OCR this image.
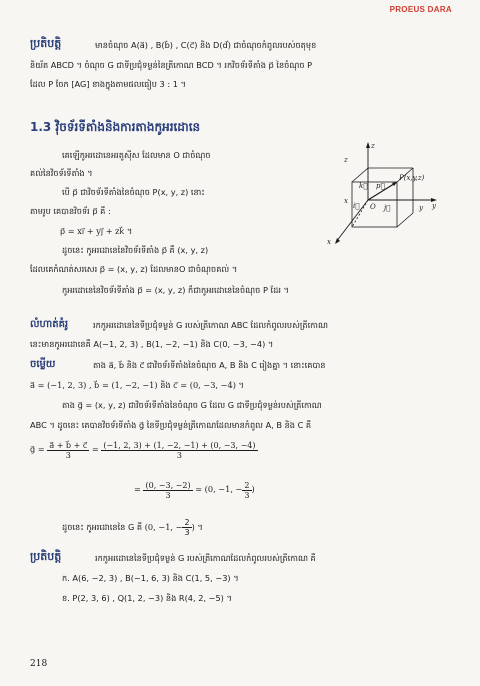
PROEUS DARA
ប្រតិបត្តិ	មានចំណុច A(a⃗) , B(b⃗) , C(c⃗) និង D(d⃗) ជាចំណុចកំពូលរបស់ចតុមុខ
និយ័ត ABCD ។ ចំណុច G ជាទីប្រជុំទម្ងន់នៃត្រីកោណ BCD ។ រកវិចទ័រទីតាំង p⃗ នៃចំណុច P
ដែល P ចែក [AG] ខាងក្នុងតាមផលធៀប 3 : 1 ។
1.3 វ៉ិចទ័រទីតាំងនិងការតាងកូអរដោនេ
គេឡើកូអរដោនេអរតូសុីស ដែលមាន O ជាចំណុច
គល់នៃវិចទ័រទីតាំង ។
បើ p⃗ ជាវិចទ័រទីតាំងនៃចំណុច P(x, y, z) នោះ
តាមរូប គេបានវិចទ័រ p⃗ គឺ :
p⃗ = xi⃗ + yj⃗ + zk⃗ ។
ដូចនេះ កូអរដោនេនៃវិចទ័រទីតាំង p⃗ គឺ (x, y, z)
ដែលគេកំណត់សរសេរ p⃗ = (x, y, z) ដែលមានO ជាចំណុចគល់ ។
កូអរដោនេនៃវិចទ័រទីតាំង p⃗ = (x, y, z) ក៏ជាកូអរដោនេនៃចំណុច P ដែរ ។
z
z
k⃗ p⃗
P(x,y,z)
x
i⃗ O j⃗	y y
x
លំហាត់គំរូ	រកកូអរដោនេនៃទីប្រជុំទម្ងន់ G របស់ត្រីកោណ ABC ដែលកំពូលរបស់ត្រីកោណ
នេះមានកូអរដោនេគឺ A(−1, 2, 3) , B(1, −2, −1) និង C(0, −3, −4) ។
ចម្លើយ	តាង a⃗, b⃗ និង c⃗ ជាវិចទ័រទីតាំងនៃចំណុច A, B និង C រៀងគ្នា ។ នោះគេបាន
a⃗ = (−1, 2, 3) , b⃗ = (1, −2, −1) និង c⃗ = (0, −3, −4) ។
តាង g⃗ = (x, y, z) ជាវិចទ័រទីតាំងនៃចំណុច G ដែល G ជាទីប្រជុំទម្ងន់របស់ត្រីកោណ
ABC ។ ដូចនេះ គេបានវិចទ័រទីតាំង g⃗ នៃទីប្រជុំទម្ងន់ត្រីកោណដែលមានកំពូល A, B និង C គឺ
g⃗ = $\frac{a⃗ + b⃗ + c⃗}{3} = \frac{(-1, 2, 3) + (1, -2, -1) + (0, -3, -4)}{3}$
= $\frac{(0, -3, -2)}{3} = (0$, −1, − $\frac{2}{3}$ )
ដូចនេះ កូអរដោនេនៃ G គឺ (0, −1, − $\frac{2}{3}$ ) ។
ប្រតិបត្តិ	រកកូអរដោនេនៃទីប្រជុំទម្ងន់ G របស់ត្រីកោណដែលកំពូលរបស់ត្រីកោណ គឺ
ក. A(6, −2, 3) , B(−1, 6, 3) និង C(1, 5, −3) ។
ខ. P(2, 3, 6) , Q(1, 2, −3) និង R(4, 2, −5) ។
218
